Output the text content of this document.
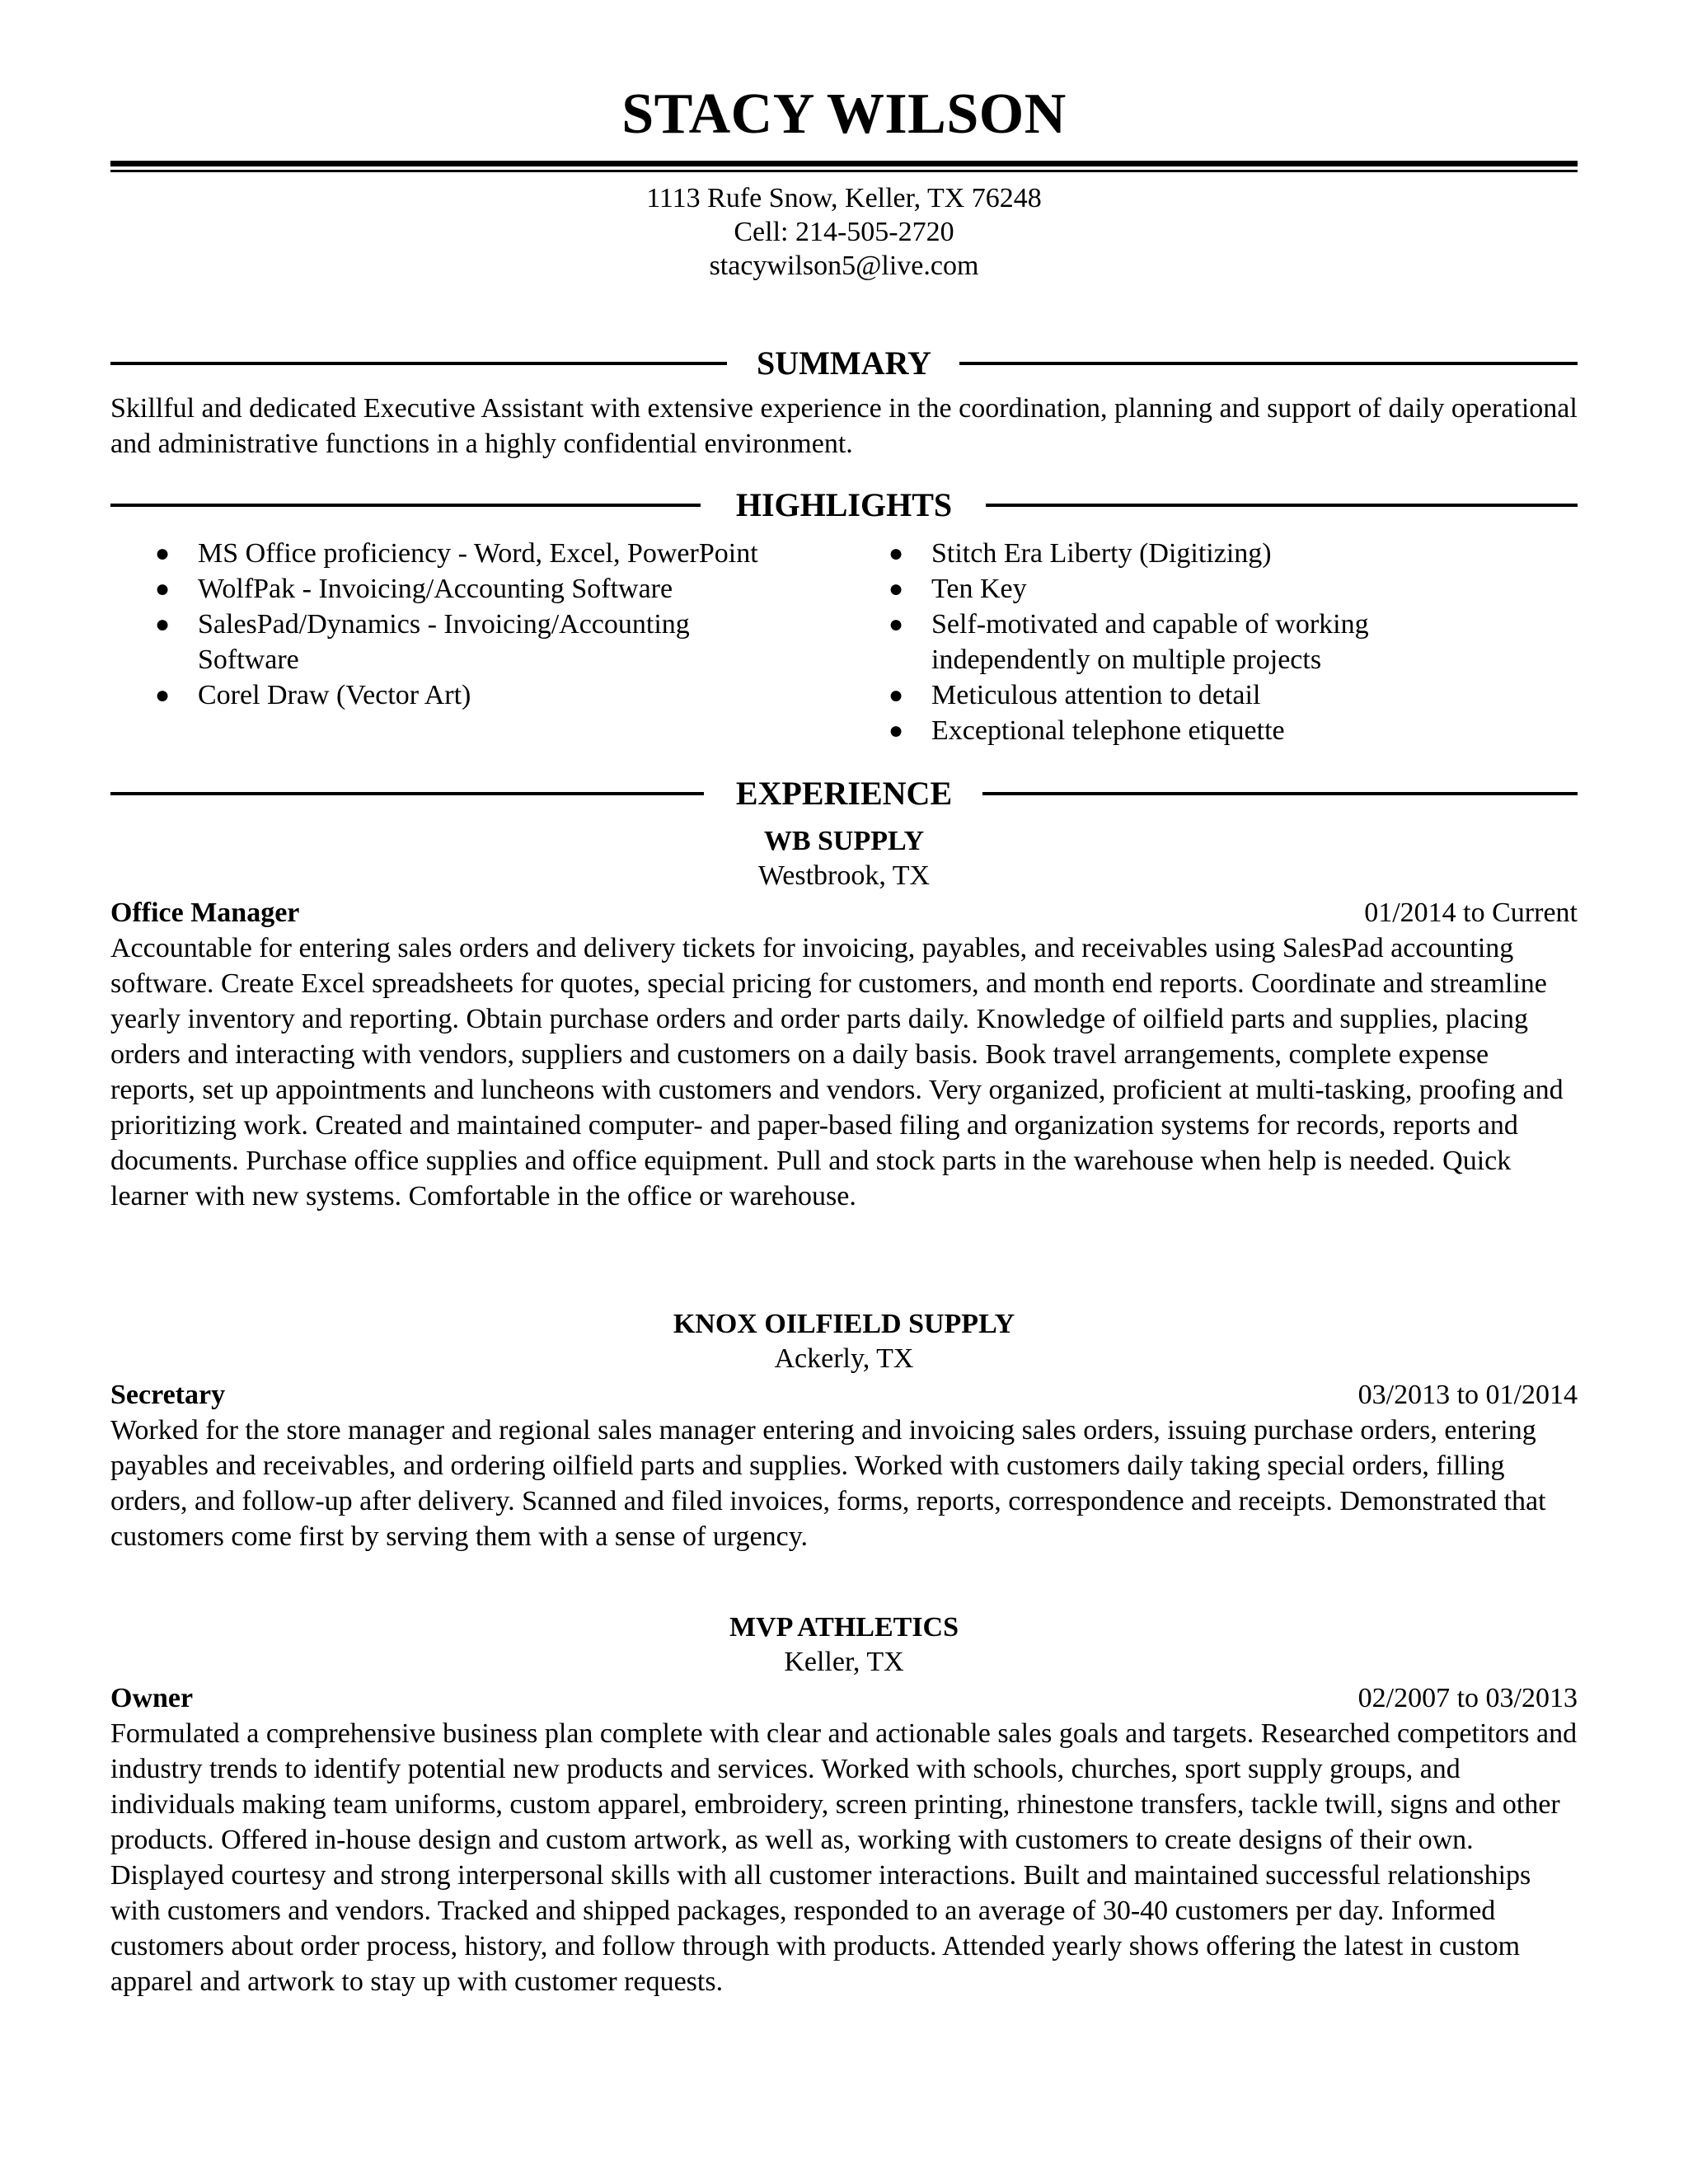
STACY WILSON
1113 Rufe Snow, Keller, TX 76248
Cell: 214-505-2720
stacywilson5@live.com
SUMMARY
Skillful and dedicated Executive Assistant with extensive experience in the coordination, planning and support of daily operational and administrative functions in a highly confidential environment.
HIGHLIGHTS
● MS Office proficiency - Word, Excel, PowerPoint
● WolfPak - Invoicing/Accounting Software
● SalesPad/Dynamics - Invoicing/Accounting Software
● Corel Draw (Vector Art)
● Stitch Era Liberty (Digitizing)
● Ten Key
● Self-motivated and capable of working independently on multiple projects
● Meticulous attention to detail
● Exceptional telephone etiquette
EXPERIENCE
WB SUPPLY
Westbrook, TX
Office Manager	01/2014 to Current
Accountable for entering sales orders and delivery tickets for invoicing, payables, and receivables using SalesPad accounting software. Create Excel spreadsheets for quotes, special pricing for customers, and month end reports. Coordinate and streamline yearly inventory and reporting. Obtain purchase orders and order parts daily. Knowledge of oilfield parts and supplies, placing orders and interacting with vendors, suppliers and customers on a daily basis. Book travel arrangements, complete expense reports, set up appointments and luncheons with customers and vendors. Very organized, proficient at multi-tasking, proofing and prioritizing work. Created and maintained computer- and paper-based filing and organization systems for records, reports and documents. Purchase office supplies and office equipment. Pull and stock parts in the warehouse when help is needed. Quick learner with new systems. Comfortable in the office or warehouse.
KNOX OILFIELD SUPPLY
Ackerly, TX
Secretary	03/2013 to 01/2014
Worked for the store manager and regional sales manager entering and invoicing sales orders, issuing purchase orders, entering payables and receivables, and ordering oilfield parts and supplies. Worked with customers daily taking special orders, filling orders, and follow-up after delivery. Scanned and filed invoices, forms, reports, correspondence and receipts. Demonstrated that customers come first by serving them with a sense of urgency.
MVP ATHLETICS
Keller, TX
Owner	02/2007 to 03/2013
Formulated a comprehensive business plan complete with clear and actionable sales goals and targets. Researched competitors and industry trends to identify potential new products and services. Worked with schools, churches, sport supply groups, and individuals making team uniforms, custom apparel, embroidery, screen printing, rhinestone transfers, tackle twill, signs and other products. Offered in-house design and custom artwork, as well as, working with customers to create designs of their own. Displayed courtesy and strong interpersonal skills with all customer interactions. Built and maintained successful relationships with customers and vendors. Tracked and shipped packages, responded to an average of 30-40 customers per day. Informed customers about order process, history, and follow through with products. Attended yearly shows offering the latest in custom apparel and artwork to stay up with customer requests.
